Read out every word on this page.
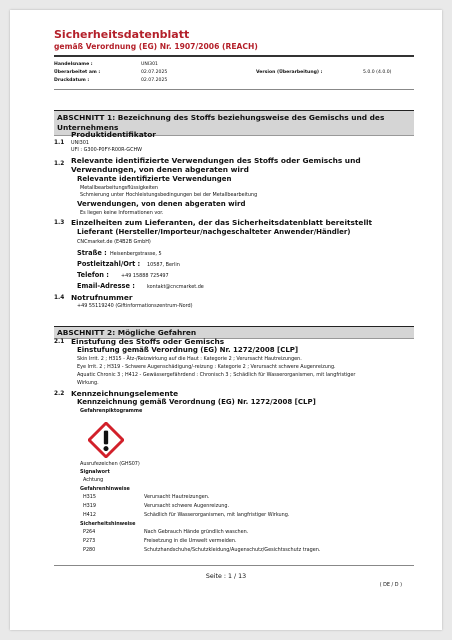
Sicherheitsdatenblatt
gemäß Verordnung (EG) Nr. 1907/2006 (REACH)
Handelsname :	UNI301
Überarbeitet am :	02.07.2025	Version (Überarbeitung) :	5.0.0 (4.0.0)
Druckdatum :	02.07.2025
ABSCHNITT 1: Bezeichnung des Stoffs beziehungsweise des Gemischs und des Unternehmens
1.1
Produktidentifikator
UNI301
UFI : G300-P0FY-R00R-GCHW
1.2 Relevante identifizierte Verwendungen des Stoffs oder Gemischs und
Verwendungen, von denen abgeraten wird
Relevante identifizierte Verwendungen
Metallbearbeitungsflüssigkeiten
Schmierung unter Hochleistungsbedingungen bei der Metallbearbeitung
Verwendungen, von denen abgeraten wird
Es liegen keine Informationen vor.
1.3 Einzelheiten zum Lieferanten, der das Sicherheitsdatenblatt bereitstellt
Lieferant (Hersteller/Importeur/nachgeschalteter Anwender/Händler)
CNCmarket.de (E4B2B GmbH)
Straße : Heisenbergstrasse, 5
Postleitzahl/Ort : 10587, Berlin
Telefon : +49 15888 725497
Email-Adresse : kontakt@cncmarket.de
1.4 Notrufnummer
+49 55119240 (Giftinformationszentrum-Nord)
ABSCHNITT 2: Mögliche Gefahren
2.1 Einstufung des Stoffs oder Gemischs
Einstufung gemäß Verordnung (EG) Nr. 1272/2008 [CLP]
Skin Irrit. 2 ; H315 - Ätz-/Reizwirkung auf die Haut : Kategorie 2 ; Verursacht Hautreizungen.
Eye Irrit. 2 ; H319 - Schwere Augenschädigung/-reizung : Kategorie 2 ; Verursacht schwere Augenreizung.
Aquatic Chronic 3 ; H412 - Gewässergefährdend : Chronisch 3 ; Schädlich für Wasserorganismen, mit langfristiger
Wirkung.
2.2 Kennzeichnungselemente
Kennzeichnung gemäß Verordnung (EG) Nr. 1272/2008 [CLP]
Gefahrenpiktogramme
Ausrufezeichen (GHS07)
Signalwort
Achtung
Gefahrenhinweise
H315	Verursacht Hautreizungen.
H319	Verursacht schwere Augenreizung.
H412	Schädlich für Wasserorganismen, mit langfristiger Wirkung.
Sicherheitshinweise
P264	Nach Gebrauch Hände gründlich waschen.
P273	Freisetzung in die Umwelt vermeiden.
P280	Schutzhandschuhe/Schutzkleidung/Augenschutz/Gesichtsschutz tragen.
Seite : 1 / 13
( DE / D )
